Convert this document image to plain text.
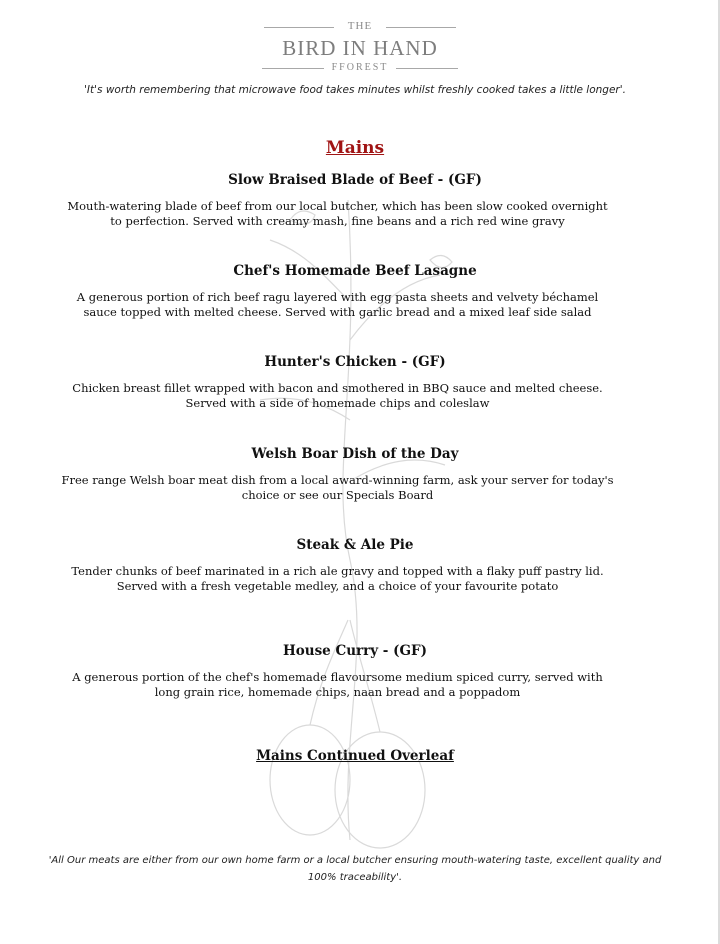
THE
BIRD IN HAND
FFOREST
'It's worth remembering that microwave food takes minutes whilst freshly cooked takes a little longer'.
Mains
Slow Braised Blade of Beef - (GF)
Mouth-watering blade of beef from our local butcher, which has been slow cooked overnight to perfection. Served with creamy mash, fine beans and a rich red wine gravy
Chef's Homemade Beef Lasagne
A generous portion of rich beef ragu layered with egg pasta sheets and velvety béchamel sauce topped with melted cheese. Served with garlic bread and a mixed leaf side salad
Hunter's Chicken - (GF)
Chicken breast fillet wrapped with bacon and smothered in BBQ sauce and melted cheese. Served with a side of homemade chips and coleslaw
Welsh Boar Dish of the Day
Free range Welsh boar meat dish from a local award-winning farm, ask your server for today's choice or see our Specials Board
Steak & Ale Pie
Tender chunks of beef marinated in a rich ale gravy and topped with a flaky puff pastry lid. Served with a fresh vegetable medley, and a choice of your favourite potato
House Curry - (GF)
A generous portion of the chef's homemade flavoursome medium spiced curry, served with long grain rice, homemade chips, naan bread and a poppadom
Mains Continued Overleaf
'All Our meats are either from our own home farm or a local butcher ensuring mouth-watering taste, excellent quality and 100% traceability'.
